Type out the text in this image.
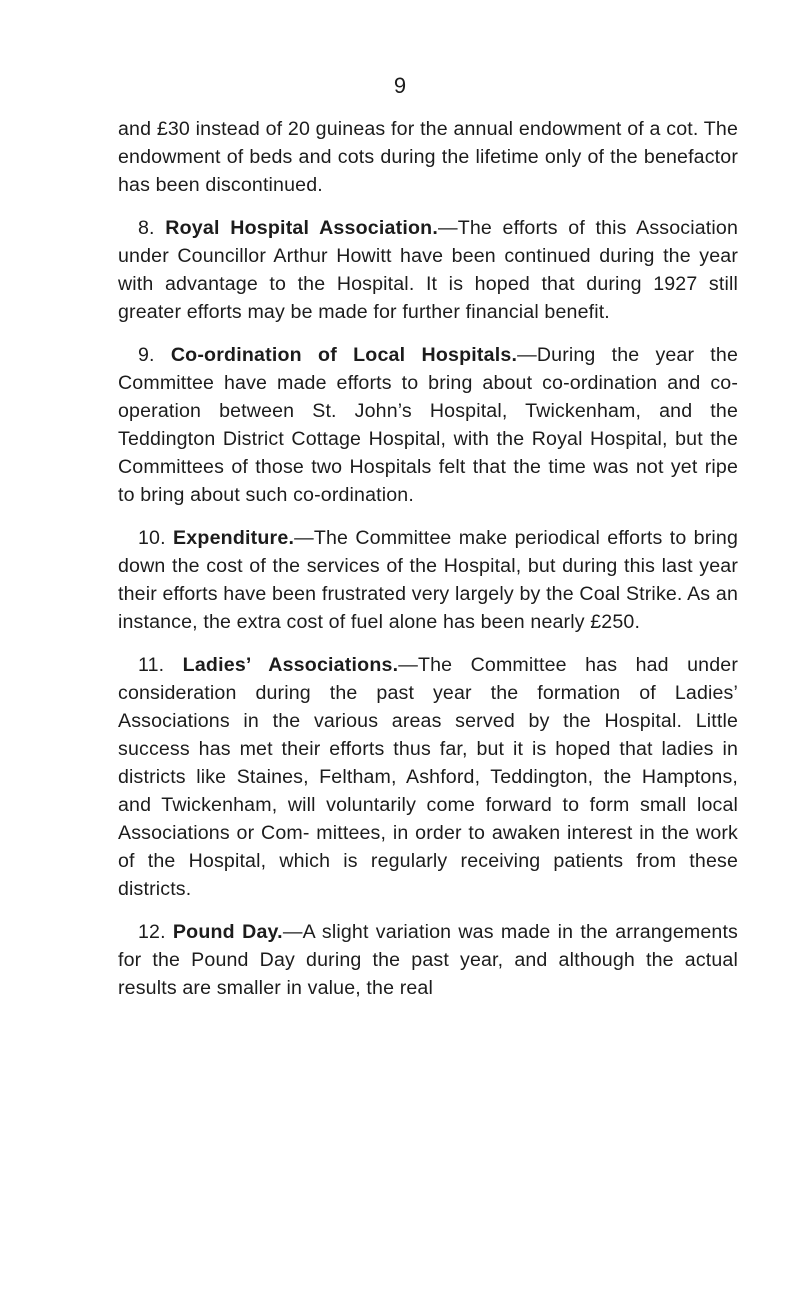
9

and £30 instead of 20 guineas for the annual endowment of a cot. The endowment of beds and cots during the lifetime only of the benefactor has been discontinued.

8. Royal Hospital Association.—The efforts of this Association under Councillor Arthur Howitt have been continued during the year with advantage to the Hospital. It is hoped that during 1927 still greater efforts may be made for further financial benefit.

9. Co-ordination of Local Hospitals.—During the year the Committee have made efforts to bring about co-ordination and co-operation between St. John’s Hospital, Twickenham, and the Teddington District Cottage Hospital, with the Royal Hospital, but the Committees of those two Hospitals felt that the time was not yet ripe to bring about such co-ordination.

10. Expenditure.—The Committee make periodical efforts to bring down the cost of the services of the Hospital, but during this last year their efforts have been frustrated very largely by the Coal Strike. As an instance, the extra cost of fuel alone has been nearly £250.

11. Ladies’ Associations.—The Committee has had under consideration during the past year the formation of Ladies’ Associations in the various areas served by the Hospital. Little success has met their efforts thus far, but it is hoped that ladies in districts like Staines, Feltham, Ashford, Teddington, the Hamptons, and Twickenham, will voluntarily come forward to form small local Associations or Com- mittees, in order to awaken interest in the work of the Hospital, which is regularly receiving patients from these districts.

12. Pound Day.—A slight variation was made in the arrangements for the Pound Day during the past year, and although the actual results are smaller in value, the real
